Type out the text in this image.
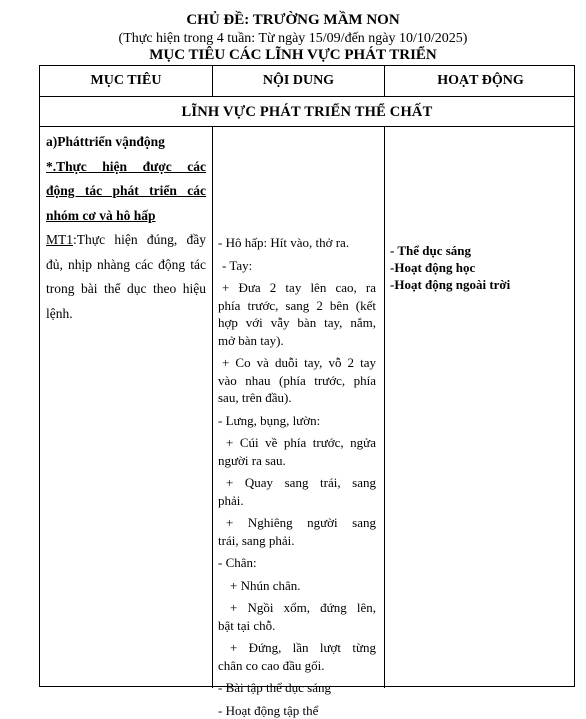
CHỦ ĐỀ: TRƯỜNG MẦM NON
(Thực hiện trong 4 tuần: Từ ngày 15/09/đến ngày 10/10/2025)
MỤC TIÊU CÁC LĨNH VỰC PHÁT TRIỂN
MỤC TIÊU	NỘI DUNG	HOẠT ĐỘNG
LĨNH VỰC PHÁT TRIỂN THỂ CHẤT
a)Pháttriển vậnđộng
*.Thực hiện được các
động tác phát triển các
nhóm cơ và hô hấp
MT1:Thực hiện đúng, đầy
đủ, nhịp nhàng các động tác
trong bài thể dục theo hiệu
lệnh.
- Hô hấp: Hít vào, thở ra.
- Tay:
+ Đưa 2 tay lên cao, ra
phía trước, sang 2 bên (kết
hợp với vẫy bàn tay, nắm,
mở bàn tay).
+ Co và duỗi tay, vỗ 2 tay
vào nhau (phía trước, phía
sau, trên đầu).
- Lưng, bụng, lườn:
+ Cúi về phía trước, ngửa
người ra sau.
+ Quay sang trái, sang
phải.
+ Nghiêng người sang
trái, sang phải.
- Chân:
+ Nhún chân.
+ Ngồi xổm, đứng lên,
bật tại chỗ.
+ Đứng, lần lượt từng
chân co cao đầu gối.
- Bài tập thể dục sáng
- Hoạt động tập thể
- Thể dục sáng
-Hoạt động học
-Hoạt động ngoài trời
